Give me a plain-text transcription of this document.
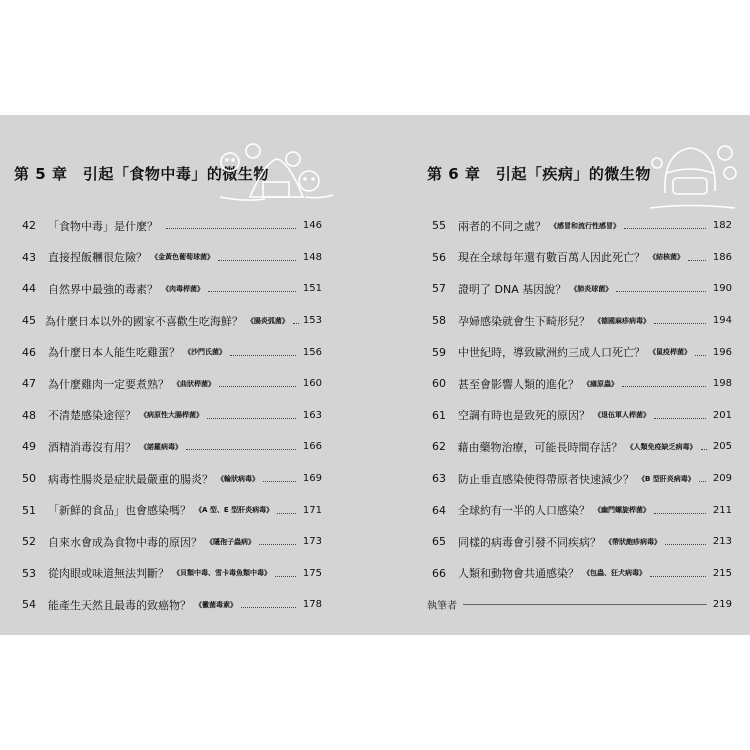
第 5 章　引起「食物中毒」的微生物
42	「食物中毒」是什麼？	146
43	直接捏飯糰很危險？ 《金黃色葡萄球菌》	148
44	自然界中最強的毒素？ 《肉毒桿菌》	151
45 為什麼日本以外的國家不喜歡生吃海鮮？ 《腸炎弧菌》 153
46	為什麼日本人能生吃雞蛋？ 《沙門氏菌》	156
47	為什麼雞肉一定要煮熟？ 《曲狀桿菌》	160
48	不清楚感染途徑？ 《病原性大腸桿菌》	163
49	酒精消毒沒有用？ 《諾羅病毒》	166
50	病毒性腸炎是症狀最嚴重的腸炎？ 《輪狀病毒》	169
51	「新鮮的食品」也會感染嗎？ 《A 型、E 型肝炎病毒》	171
52	自來水會成為食物中毒的原因？ 《隱孢子蟲病》	173
53	從肉眼或味道無法判斷？ 《貝類中毒、雪卡毒魚類中毒》	175
54	能產生天然且最毒的致癌物？ 《黴菌毒素》	178
第 6 章　引起「疾病」的微生物
55	兩者的不同之處？ 《感冒和流行性感冒》	182
56	現在全球每年還有數百萬人因此死亡？ 《結核菌》	186
57	證明了 DNA 基因說？ 《肺炎球菌》	190
58	孕婦感染就會生下畸形兒？ 《德國麻疹病毒》	194
59	中世紀時，導致歐洲約三成人口死亡？ 《鼠疫桿菌》 196
60	甚至會影響人類的進化？ 《瘧原蟲》	198
61	空調有時也是致死的原因？ 《退伍軍人桿菌》	201
62	藉由藥物治療，可能長時間存活？ 《人類免疫缺乏病毒》 205
63	防止垂直感染使得帶原者快速減少？ 《B 型肝炎病毒》 209
64	全球約有一半的人口感染？ 《幽門螺旋桿菌》	211
65	同樣的病毒會引發不同疾病？ 《帶狀皰疹病毒》	213
66	人類和動物會共通感染？ 《包蟲、狂犬病毒》	215
執筆者	219
